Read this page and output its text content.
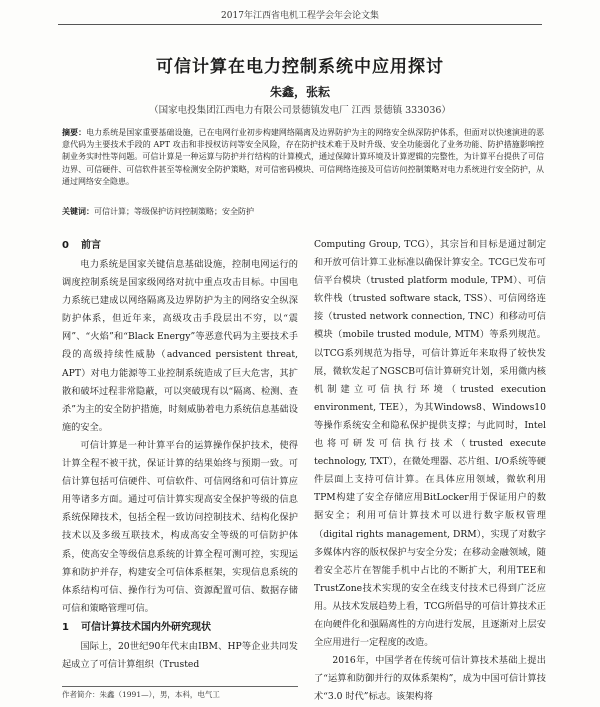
2017年江西省电机工程学会年会论文集
可信计算在电力控制系统中应用探讨
朱鑫，张耘
（国家电投集团江西电力有限公司景德镇发电厂 江西 景德镇 333036）
摘要：电力系统是国家重要基础设施，已在电网行业初步构建网络隔离及边界防护为主的网络安全纵深防护体系，但面对以快速演进的恶意代码为主要技术手段的 APT 攻击和非授权访问等安全风险，存在防护技术难于及时升级、安全功能弱化了业务功能、防护措施影响控制业务实时性等问题。可信计算是一种运算与防护并行结构的计算模式，通过保障计算环境及计算逻辑的完整性，为计算平台提供了可信边界、可信硬件、可信软件甚至等检测安全防护策略，对可信密码模块、可信网络连接及可信访问控制策略对电力系统进行安全防护，从通过网络安全隐患。
关键词：可信计算；等级保护访问控制策略；安全防护
0 前言

电力系统是国家关键信息基础设施，控制电网运行的调度控制系统是国家级网络对抗中重点攻击目标。中国电力系统已建成以网络隔离及边界防护为主的网络安全纵深防护体系，但近年来，高级攻击手段层出不穷，以“震网”、“火焰”和“Black Energy”等恶意代码为主要技术手段的高级持续性威胁（advanced persistent threat, APT）对电力能源等工业控制系统造成了巨大危害，其扩散和破坏过程非常隐蔽，可以突破现有以“隔离、检测、查杀”为主的安全防护措施，时刻威胁着电力系统信息基础设施的安全。

可信计算是一种计算平台的运算操作保护技术，使得计算全程不被干扰，保证计算的结果始终与预期一致。可信计算包括可信硬件、可信软件、可信网络和可信计算应用等诸多方面。通过可信计算实现高安全保护等级的信息系统保障技术，包括全程一致访问控制技术、结构化保护技术以及多级互联技术，构成高安全等级的可信防护体系，使高安全等级信息系统的计算全程可测可控，实现运算和防护并存，构建安全可信体系框架，实现信息系统的体系结构可信、操作行为可信、资源配置可信、数据存储可信和策略管理可信。

1 可信计算技术国内外研究现状

国际上，20世纪90年代末由IBM、HP等企业共同发起成立了可信计算组织（Trusted

Computing Group, TCG），其宗旨和目标是通过制定和开放可信计算工业标准以确保计算安全。TCG已发布可信平台模块（trusted platform module, TPM）、可信软件栈（trusted software stack, TSS）、可信网络连接（trusted network connection, TNC）和移动可信模块（mobile trusted module, MTM）等系列规范。以TCG系列规范为指导，可信计算近年来取得了较快发展，微软发起了NGSCB可信计算研究计划，采用微内核机制建立可信执行环境（trusted execution environment, TEE），为其Windows8、Windows10等操作系统安全和隐私保护提供支撑；与此同时，Intel也将可研发可信执行技术（trusted execute technology, TXT），在微处理器、芯片组、I/O系统等硬件层面上支持可信计算。在具体应用领域，微软利用TPM构建了安全存储应用BitLocker用于保证用户的数据安全；利用可信计算技术可以进行数字版权管理（digital rights management, DRM），实现了对数字多媒体内容的版权保护与安全分发；在移动金融领域，随着安全芯片在智能手机中占比的不断扩大，利用TEE和TrustZone技术实现的安全在线支付技术已得到广泛应用。从技术发展趋势上看，TCG所倡导的可信计算技术正在向硬件化和强隔离性的方向进行发展，且逐渐对上层安全应用进行一定程度的改造。

2016年，中国学者在传统可信计算技术基础上提出了“运算和防御并行的双体系架构”，成为中国可信计算技术“3.0 时代”标志。该架构将

作者简介：朱鑫（1991—），男，本科，电气工
